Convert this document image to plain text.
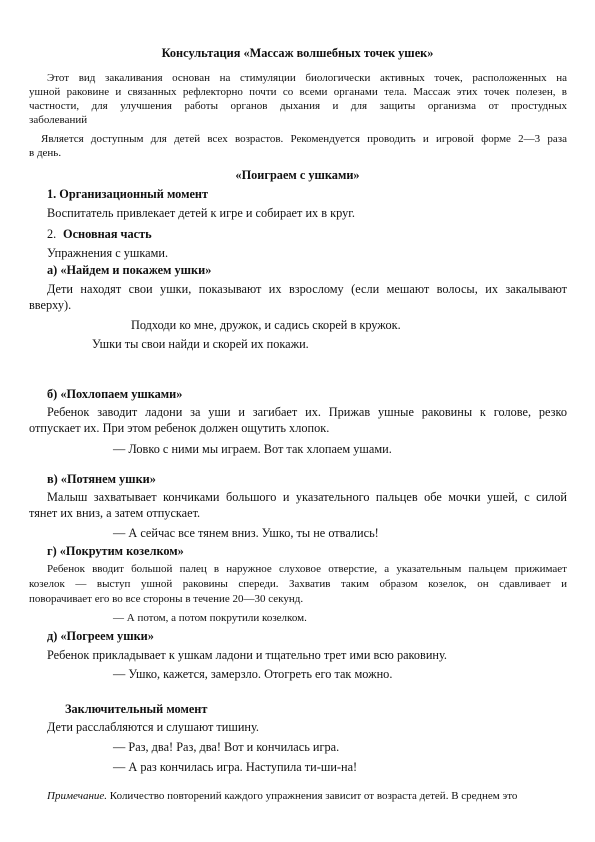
Консультация «Массаж волшебных точек ушек»
Этот вид закаливания основан на стимуляции биологически активных точек, расположенных на
ушной раковине и связанных рефлекторно почти со всеми органами тела. Массаж этих точек полезен, в
частности, для улучшения работы органов дыхания и для защиты организма от простудных
заболеваний
Является доступным для детей всех возрастов. Рекомендуется проводить и игровой форме 2—3 раза
в день.
«Поиграем с ушками»
1. Организационный момент
Воспитатель привлекает детей к игре и собирает их в круг.
2. Основная часть
Упражнения с ушками.
а) «Найдем и покажем ушки»
Дети находят свои ушки, показывают их взрослому (если мешают волосы, их закалывают
вверху).
Подходи ко мне, дружок, и садись скорей в кружок.
Ушки ты свои найди и скорей их покажи.
б) «Похлопаем ушками»
Ребенок заводит ладони за уши и загибает их. Прижав ушные раковины к голове, резко
отпускает их. При этом ребенок должен ощутить хлопок.
— Ловко с ними мы играем. Вот так хлопаем ушами.
в) «Потянем ушки»
Малыш захватывает кончиками большого и указательного пальцев обе мочки ушей, с силой
тянет их вниз, а затем отпускает.
— А сейчас все тянем вниз. Ушко, ты не отвались!
г) «Покрутим козелком»
Ребенок вводит большой палец в наружное слуховое отверстие, а указательным пальцем прижимает
козелок — выступ ушной раковины спереди. Захватив таким образом козелок, он сдавливает и
поворачивает его во все стороны в течение 20—30 секунд.
— А потом, а потом покрутили козелком.
д) «Погреем ушки»
Ребенок прикладывает к ушкам ладони и тщательно трет ими всю раковину.
— Ушко, кажется, замерзло. Отогреть его так можно.
Заключительный момент
Дети расслабляются и слушают тишину.
— Раз, два! Раз, два! Вот и кончилась игра.
— А раз кончилась игра. Наступила ти-ши-на!
Примечание. Количество повторений каждого упражнения зависит от возраста детей. В среднем это
